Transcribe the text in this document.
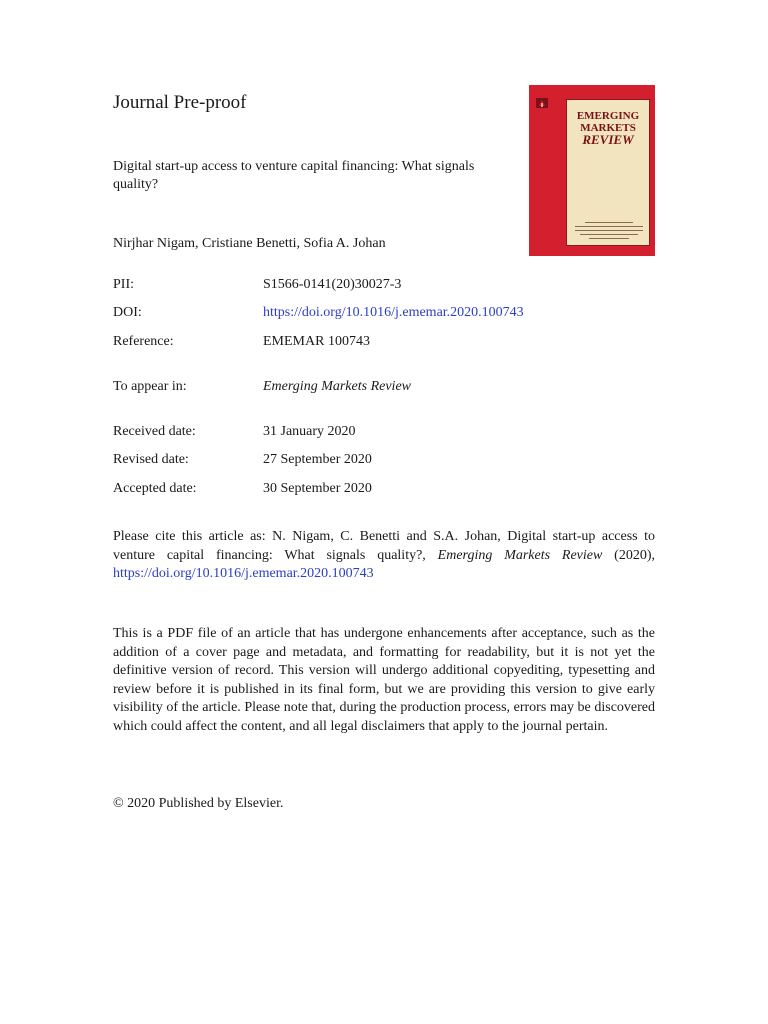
Journal Pre-proof

Digital start-up access to venture capital financing: What signals quality?

Nirjhar Nigam, Cristiane Benetti, Sofia A. Johan

PII:	S1566-0141(20)30027-3
DOI:	https://doi.org/10.1016/j.ememar.2020.100743
Reference:	EMEMAR 100743
To appear in:	Emerging Markets Review
Received date:	31 January 2020
Revised date:	27 September 2020
Accepted date:	30 September 2020

Please cite this article as: N. Nigam, C. Benetti and S.A. Johan, Digital start-up access to venture capital financing: What signals quality?, Emerging Markets Review (2020), https://doi.org/10.1016/j.ememar.2020.100743

This is a PDF file of an article that has undergone enhancements after acceptance, such as the addition of a cover page and metadata, and formatting for readability, but it is not yet the definitive version of record. This version will undergo additional copyediting, typesetting and review before it is published in its final form, but we are providing this version to give early visibility of the article. Please note that, during the production process, errors may be discovered which could affect the content, and all legal disclaimers that apply to the journal pertain.

© 2020 Published by Elsevier.

EMERGING
MARKETS
REVIEW
